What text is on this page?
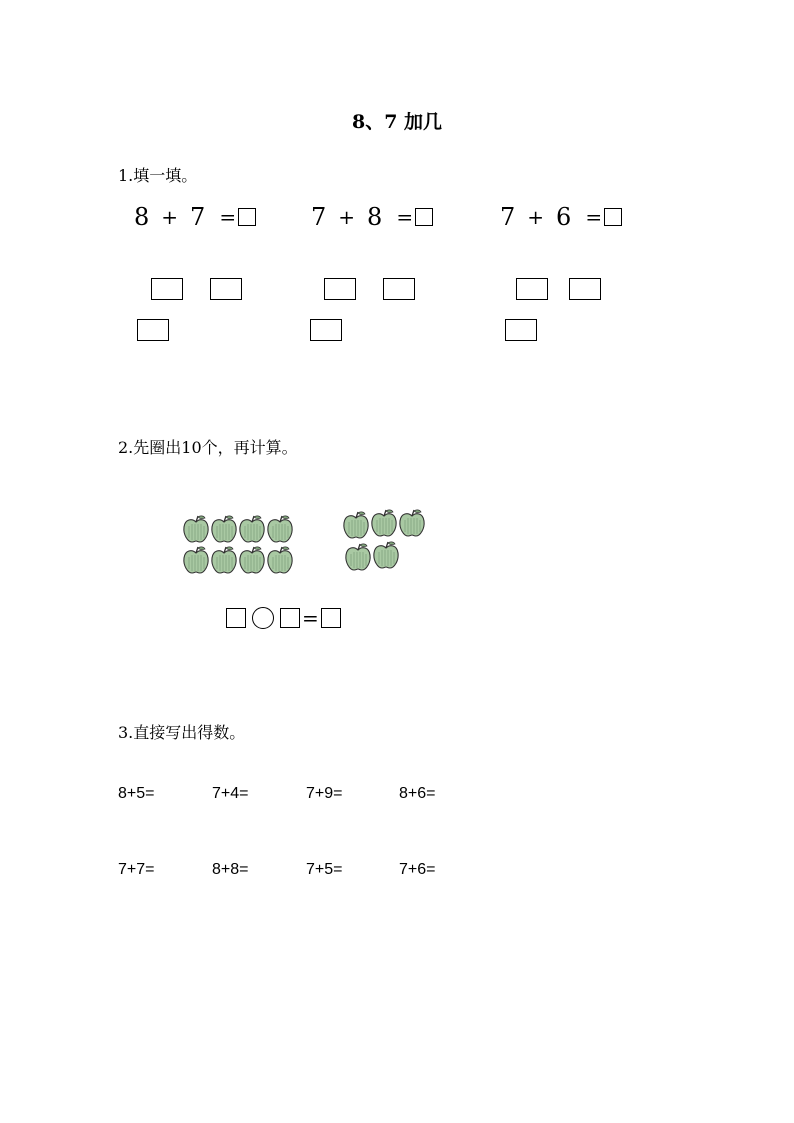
8、7 加几
1.填一填。
8 + 7 =	7 + 8 =	7 + 6 =
2.先圈出10个，再计算。
=
3.直接写出得数。
8+5=	7+4=	7+9=	8+6=
7+7=	8+8=	7+5=	7+6=
